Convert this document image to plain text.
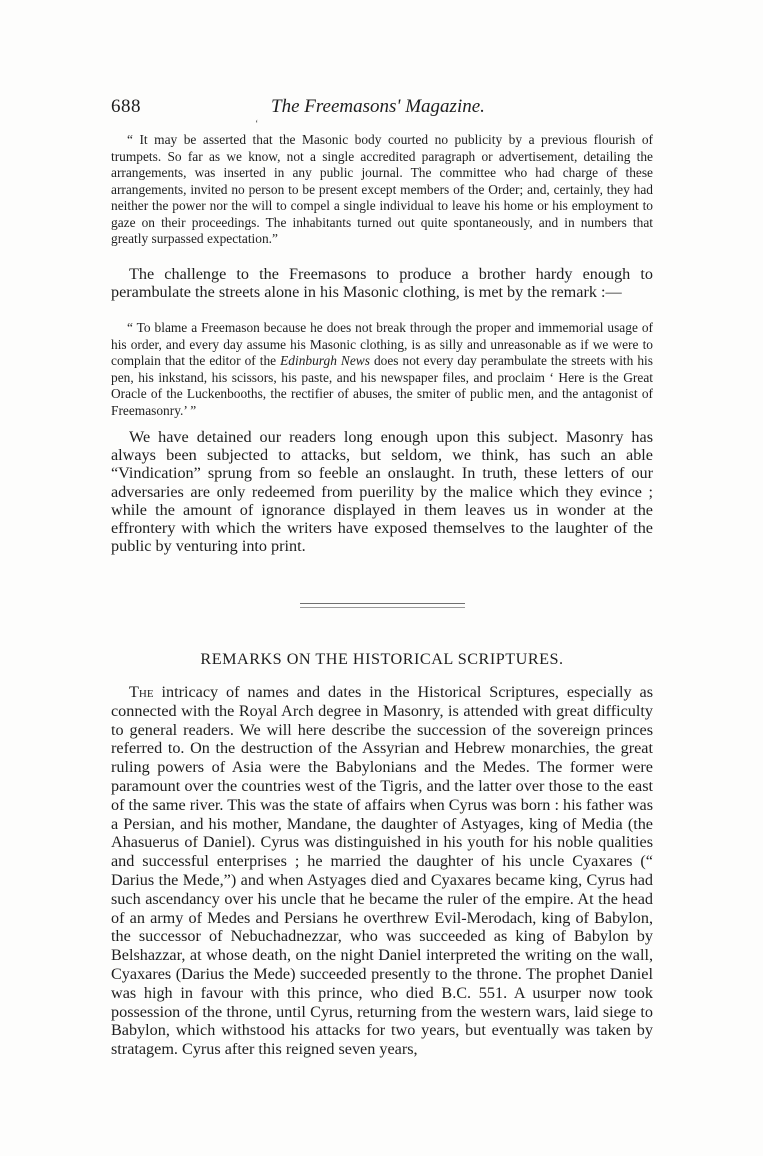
688	The Freemasons' Magazine.
ʻ

“ It may be asserted that the Masonic body courted no publicity by a previous flourish of trumpets. So far as we know, not a single accredited paragraph or advertisement, detailing the arrangements, was inserted in any public journal. The committee who had charge of these arrangements, invited no person to be present except members of the Order; and, certainly, they had neither the power nor the will to compel a single individual to leave his home or his employment to gaze on their proceedings. The inhabitants turned out quite spontaneously, and in numbers that greatly surpassed expectation.”

The challenge to the Freemasons to produce a brother hardy enough to perambulate the streets alone in his Masonic clothing, is met by the remark :—

“ To blame a Freemason because he does not break through the proper and immemorial usage of his order, and every day assume his Masonic clothing, is as silly and unreasonable as if we were to complain that the editor of the Edinburgh News does not every day perambulate the streets with his pen, his inkstand, his scissors, his paste, and his newspaper files, and proclaim ‘ Here is the Great Oracle of the Luckenbooths, the rectifier of abuses, the smiter of public men, and the antagonist of Freemasonry.’ ”

We have detained our readers long enough upon this subject. Masonry has always been subjected to attacks, but seldom, we think, has such an able “Vindication” sprung from so feeble an onslaught. In truth, these letters of our adversaries are only redeemed from puerility by the malice which they evince ; while the amount of ignorance displayed in them leaves us in wonder at the effrontery with which the writers have exposed themselves to the laughter of the public by venturing into print.

REMARKS ON THE HISTORICAL SCRIPTURES.

The intricacy of names and dates in the Historical Scriptures, especially as connected with the Royal Arch degree in Masonry, is attended with great difficulty to general readers. We will here describe the succession of the sovereign princes referred to. On the destruction of the Assyrian and Hebrew monarchies, the great ruling powers of Asia were the Babylonians and the Medes. The former were paramount over the countries west of the Tigris, and the latter over those to the east of the same river. This was the state of affairs when Cyrus was born : his father was a Persian, and his mother, Mandane, the daughter of Astyages, king of Media (the Ahasuerus of Daniel). Cyrus was distinguished in his youth for his noble qualities and successful enterprises ; he married the daughter of his uncle Cyaxares (“ Darius the Mede,”) and when Astyages died and Cyaxares became king, Cyrus had such ascendancy over his uncle that he became the ruler of the empire. At the head of an army of Medes and Persians he overthrew Evil-Merodach, king of Babylon, the successor of Nebuchadnezzar, who was succeeded as king of Babylon by Belshazzar, at whose death, on the night Daniel interpreted the writing on the wall, Cyaxares (Darius the Mede) succeeded presently to the throne. The prophet Daniel was high in favour with this prince, who died B.C. 551. A usurper now took possession of the throne, until Cyrus, returning from the western wars, laid siege to Babylon, which withstood his attacks for two years, but eventually was taken by stratagem. Cyrus after this reigned seven years,
